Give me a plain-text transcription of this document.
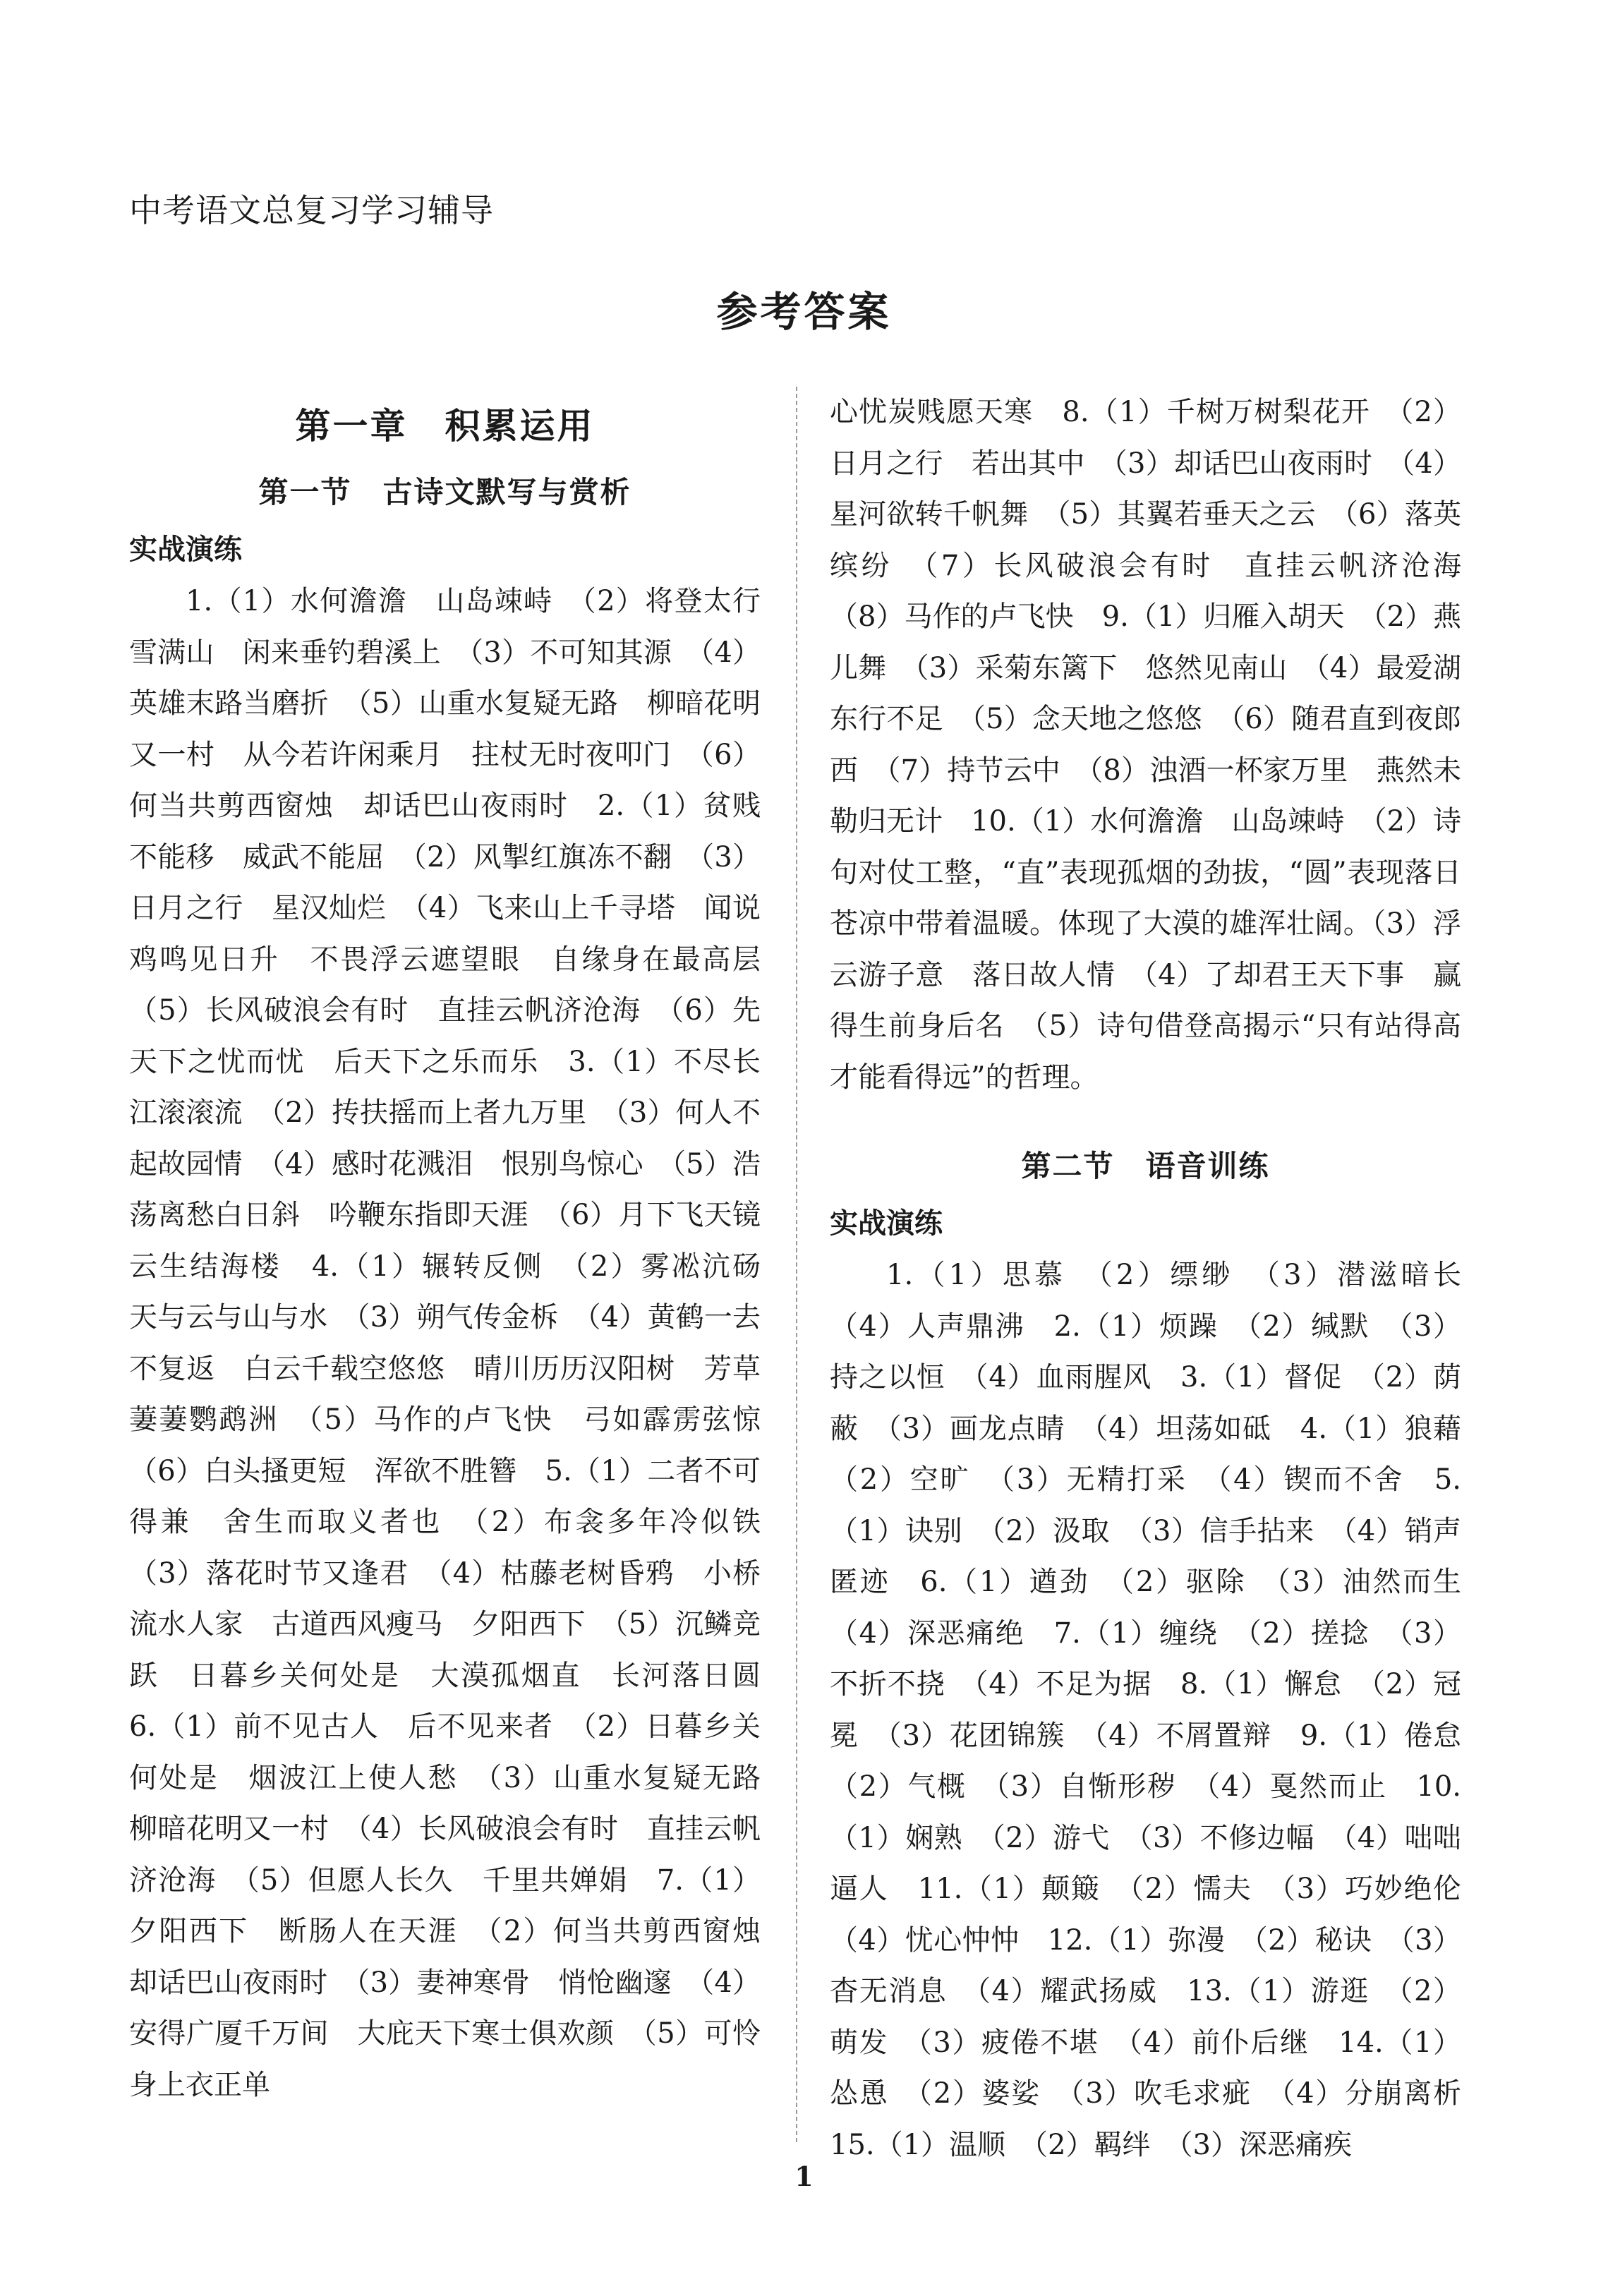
中考语文总复习学习辅导
参考答案
第一章　积累运用
第一节　古诗文默写与赏析
实战演练

1.（1）水何澹澹　山岛竦峙　（2）将登太行雪满山　闲来垂钓碧溪上　（3）不可知其源　（4）英雄末路当磨折　（5）山重水复疑无路　柳暗花明又一村　从今若许闲乘月　拄杖无时夜叩门　（6）何当共剪西窗烛　却话巴山夜雨时　2.（1）贫贱不能移　威武不能屈　（2）风掣红旗冻不翻　（3）日月之行　星汉灿烂　（4）飞来山上千寻塔　闻说鸡鸣见日升　不畏浮云遮望眼　自缘身在最高层　（5）长风破浪会有时　直挂云帆济沧海　（6）先天下之忧而忧　后天下之乐而乐　3.（1）不尽长江滚滚流　（2）抟扶摇而上者九万里　（3）何人不起故园情　（4）感时花溅泪　恨别鸟惊心　（5）浩荡离愁白日斜　吟鞭东指即天涯　（6）月下飞天镜　云生结海楼　4.（1）辗转反侧　（2）雾凇沆砀　天与云与山与水　（3）朔气传金柝　（4）黄鹤一去不复返　白云千载空悠悠　晴川历历汉阳树　芳草萋萋鹦鹉洲　（5）马作的卢飞快　弓如霹雳弦惊　（6）白头搔更短　浑欲不胜簪　5.（1）二者不可得兼　舍生而取义者也　（2）布衾多年冷似铁　（3）落花时节又逢君　（4）枯藤老树昏鸦　小桥流水人家　古道西风瘦马　夕阳西下　（5）沉鳞竞跃　日暮乡关何处是　大漠孤烟直　长河落日圆　6.（1）前不见古人　后不见来者　（2）日暮乡关何处是　烟波江上使人愁　（3）山重水复疑无路　柳暗花明又一村　（4）长风破浪会有时　直挂云帆济沧海　（5）但愿人长久　千里共婵娟　7.（1）夕阳西下　断肠人在天涯　（2）何当共剪西窗烛　却话巴山夜雨时　（3）妻神寒骨　悄怆幽邃　（4）安得广厦千万间　大庇天下寒士俱欢颜　（5）可怜身上衣正单

心忧炭贱愿天寒　8.（1）千树万树梨花开　（2）日月之行　若出其中　（3）却话巴山夜雨时　（4）星河欲转千帆舞　（5）其翼若垂天之云　（6）落英缤纷　（7）长风破浪会有时　直挂云帆济沧海　（8）马作的卢飞快　9.（1）归雁入胡天　（2）燕儿舞　（3）采菊东篱下　悠然见南山　（4）最爱湖东行不足　（5）念天地之悠悠　（6）随君直到夜郎西　（7）持节云中　（8）浊酒一杯家万里　燕然未勒归无计　10.（1）水何澹澹　山岛竦峙　（2）诗句对仗工整，“直”表现孤烟的劲拔，“圆”表现落日苍凉中带着温暖。体现了大漠的雄浑壮阔。（3）浮云游子意　落日故人情　（4）了却君王天下事　赢得生前身后名　（5）诗句借登高揭示“只有站得高才能看得远”的哲理。

第二节　语音训练
实战演练

1.（1）思慕　（2）缥缈　（3）潜滋暗长　（4）人声鼎沸　2.（1）烦躁　（2）缄默　（3）持之以恒　（4）血雨腥风　3.（1）督促　（2）荫蔽　（3）画龙点睛　（4）坦荡如砥　4.（1）狼藉　（2）空旷　（3）无精打采　（4）锲而不舍　5.（1）诀别　（2）汲取　（3）信手拈来　（4）销声匿迹　6.（1）遒劲　（2）驱除　（3）油然而生　（4）深恶痛绝　7.（1）缠绕　（2）搓捻　（3）不折不挠　（4）不足为据　8.（1）懈怠　（2）冠冕　（3）花团锦簇　（4）不屑置辩　9.（1）倦怠　（2）气概　（3）自惭形秽　（4）戛然而止　10.（1）娴熟　（2）游弋　（3）不修边幅　（4）咄咄逼人　11.（1）颠簸　（2）懦夫　（3）巧妙绝伦　（4）忧心忡忡　12.（1）弥漫　（2）秘诀　（3）杳无消息　（4）耀武扬威　13.（1）游逛　（2）萌发　（3）疲倦不堪　（4）前仆后继　14.（1）怂恿　（2）婆娑　（3）吹毛求疵　（4）分崩离析　15.（1）温顺　（2）羁绊　（3）深恶痛疾

1
